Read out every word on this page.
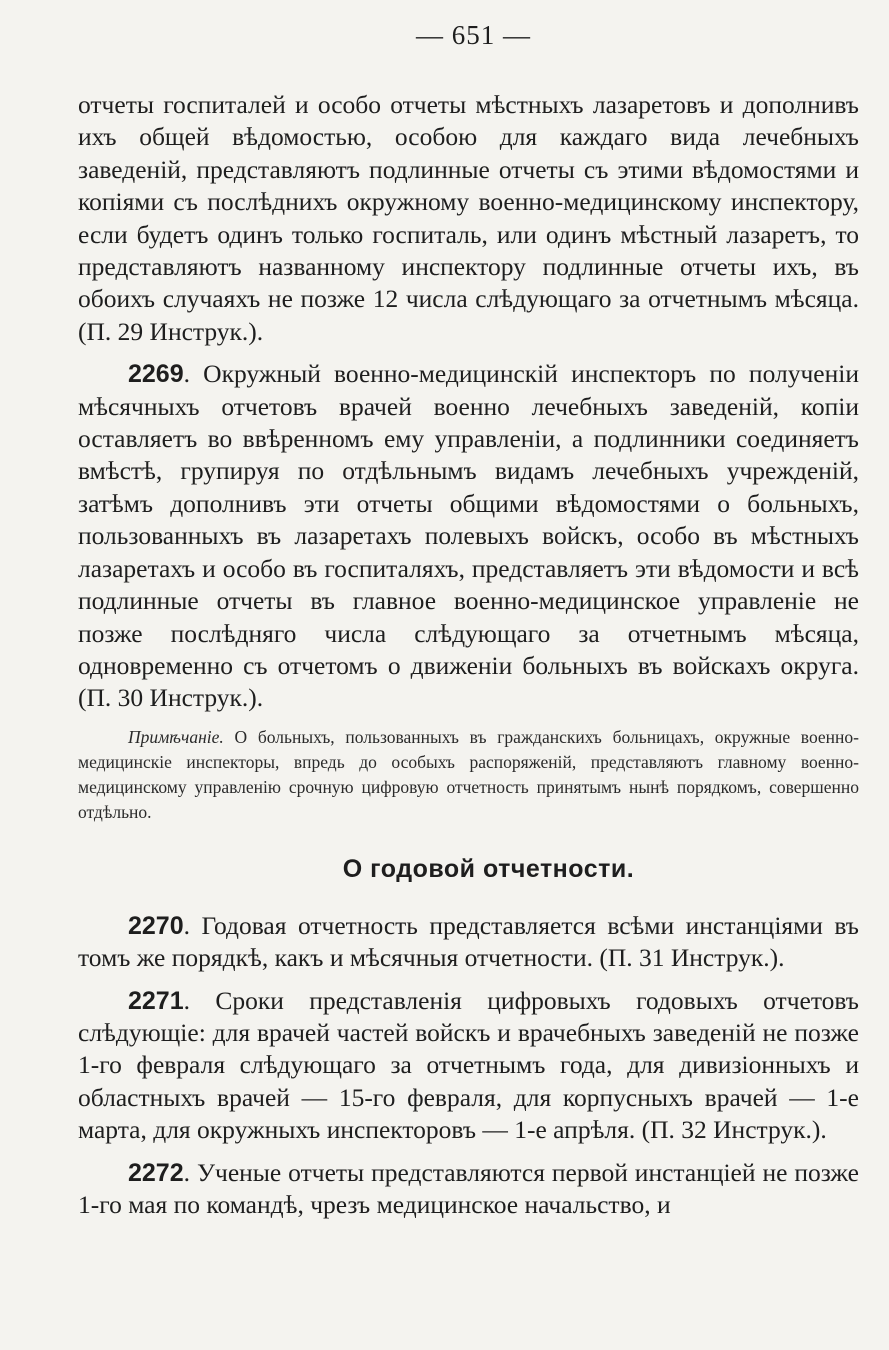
— 651 —

отчеты госпиталей и особо отчеты мѣстныхъ лазаретовъ и дополнивъ ихъ общей вѣдомостью, особою для каждаго вида лечебныхъ заведенiй, представляютъ подлинные отчеты съ этими вѣдомостями и копiями съ послѣднихъ окружному военно-медицинскому инспектору, если будетъ одинъ только госпиталь, или одинъ мѣстный лазаретъ, то представляютъ названному инспектору подлинные отчеты ихъ, въ обоихъ случаяхъ не позже 12 числа слѣдующаго за отчетнымъ мѣсяца. (П. 29 Инструк.).

2269. Окружный военно-медицинскiй инспекторъ по полученiи мѣсячныхъ отчетовъ врачей военно лечебныхъ заведенiй, копiи оставляетъ во ввѣренномъ ему управленiи, а подлинники соединяетъ вмѣстѣ, групируя по отдѣльнымъ видамъ лечебныхъ учрежденiй, затѣмъ дополнивъ эти отчеты общими вѣдомостями о больныхъ, пользованныхъ въ лазаретахъ полевыхъ войскъ, особо въ мѣстныхъ лазаретахъ и особо въ госпиталяхъ, представляетъ эти вѣдомости и всѣ подлинные отчеты въ главное военно-медицинское управленiе не позже послѣдняго числа слѣдующаго за отчетнымъ мѣсяца, одновременно съ отчетомъ о движенiи больныхъ въ войскахъ округа. (П. 30 Инструк.).

Примѣчанiе. О больныхъ, пользованныхъ въ гражданскихъ больницахъ, окружные военно-медицинскiе инспекторы, впредь до особыхъ распоряженiй, представляютъ главному военно-медицинскому управленiю срочную цифровую отчетность принятымъ нынѣ порядкомъ, совершенно отдѣльно.

О годовой отчетности.

2270. Годовая отчетность представляется всѣми инстанцiями въ томъ же порядкѣ, какъ и мѣсячныя отчетности. (П. 31 Инструк.).

2271. Сроки представленiя цифровыхъ годовыхъ отчетовъ слѣдующiе: для врачей частей войскъ и врачебныхъ заведенiй не позже 1-го февраля слѣдующаго за отчетнымъ года, для дивизiонныхъ и областныхъ врачей — 15-го февраля, для корпусныхъ врачей — 1-е марта, для окружныхъ инспекторовъ — 1-е апрѣля. (П. 32 Инструк.).

2272. Ученые отчеты представляются первой инстанцiей не позже 1-го мая по командѣ, чрезъ медицинское начальство, и
